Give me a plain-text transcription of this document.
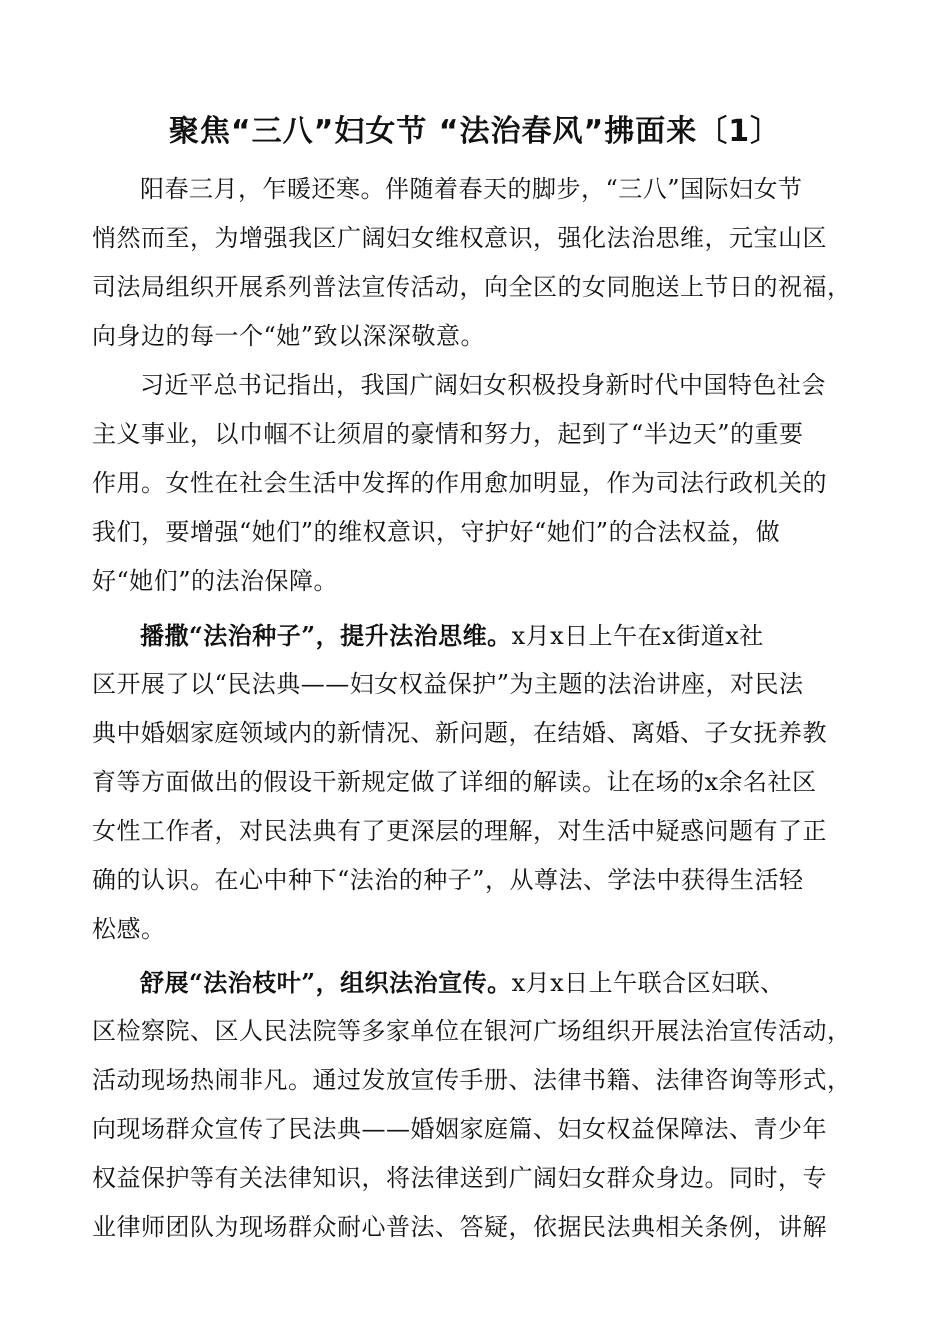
聚焦“三八”妇女节 “法治春风”拂面来〔1〕
阳春三月，乍暖还寒。伴随着春天的脚步，“三八”国际妇女节
悄然而至，为增强我区广阔妇女维权意识，强化法治思维，元宝山区
司法局组织开展系列普法宣传活动，向全区的女同胞送上节日的祝福，
向身边的每一个“她”致以深深敬意。
习近平总书记指出，我国广阔妇女积极投身新时代中国特色社会
主义事业，以巾帼不让须眉的豪情和努力，起到了“半边天”的重要
作用。女性在社会生活中发挥的作用愈加明显，作为司法行政机关的
我们，要增强“她们”的维权意识，守护好“她们”的合法权益，做
好“她们”的法治保障。
播撒“法治种子”，提升法治思维。x月x日上午在x街道x社
区开展了以“民法典——妇女权益保护”为主题的法治讲座，对民法
典中婚姻家庭领域内的新情况、新问题，在结婚、离婚、子女抚养教
育等方面做出的假设干新规定做了详细的解读。让在场的x余名社区
女性工作者，对民法典有了更深层的理解，对生活中疑惑问题有了正
确的认识。在心中种下“法治的种子”，从尊法、学法中获得生活轻
松感。
舒展“法治枝叶”，组织法治宣传。x月x日上午联合区妇联、
区检察院、区人民法院等多家单位在银河广场组织开展法治宣传活动，
活动现场热闹非凡。通过发放宣传手册、法律书籍、法律咨询等形式，
向现场群众宣传了民法典——婚姻家庭篇、妇女权益保障法、青少年
权益保护等有关法律知识，将法律送到广阔妇女群众身边。同时，专
业律师团队为现场群众耐心普法、答疑，依据民法典相关条例，讲解
